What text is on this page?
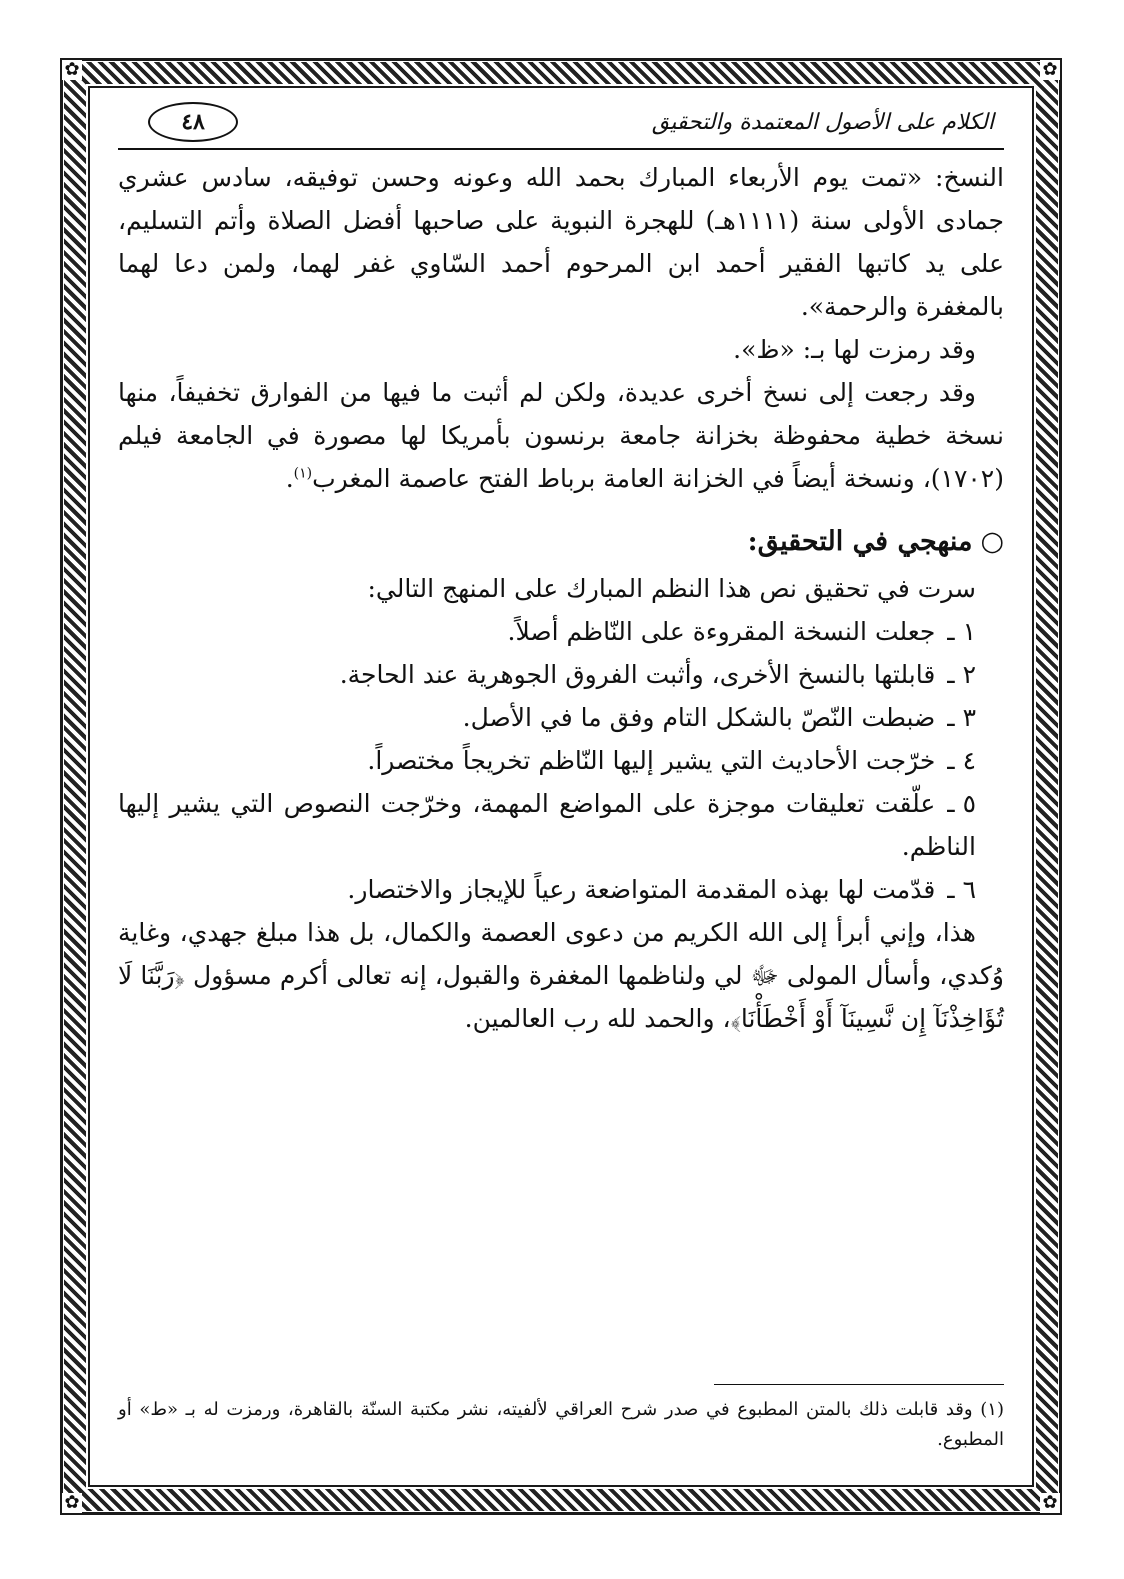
✿	✿
✿	✿
الكلام على الأصول المعتمدة والتحقيق
٤٨

النسخ: «تمت يوم الأربعاء المبارك بحمد الله وعونه وحسن توفيقه، سادس عشري جمادى الأولى سنة (١١١١هـ) للهجرة النبوية على صاحبها أفضل الصلاة وأتم التسليم، على يد كاتبها الفقير أحمد ابن المرحوم أحمد السّاوي غفر لهما، ولمن دعا لهما بالمغفرة والرحمة».

وقد رمزت لها بـ: «ظ».

وقد رجعت إلى نسخ أخرى عديدة، ولكن لم أثبت ما فيها من الفوارق تخفيفاً، منها نسخة خطية محفوظة بخزانة جامعة برنسون بأمريكا لها مصورة في الجامعة فيلم (١٧٠٢)، ونسخة أيضاً في الخزانة العامة برباط الفتح عاصمة المغرب$^{(١)}$.

○منهجي في التحقيق:

سرت في تحقيق نص هذا النظم المبارك على المنهج التالي:

١ ـجعلت النسخة المقروءة على النّاظم أصلاً.
٢ ـقابلتها بالنسخ الأخرى، وأثبت الفروق الجوهرية عند الحاجة.
٣ ـضبطت النّصّ بالشكل التام وفق ما في الأصل.
٤ ـخرّجت الأحاديث التي يشير إليها النّاظم تخريجاً مختصراً.
٥ ـعلّقت تعليقات موجزة على المواضع المهمة، وخرّجت النصوص التي يشير إليها الناظم.
٦ ـقدّمت لها بهذه المقدمة المتواضعة رعياً للإيجاز والاختصار.

هذا، وإني أبرأ إلى الله الكريم من دعوى العصمة والكمال، بل هذا مبلغ جهدي، وغاية وُكدي، وأسأل المولى ﷻ لي ولناظمها المغفرة والقبول، إنه تعالى أكرم مسؤول ﴿رَبَّنَا لَا تُؤَاخِذْنَآ إِن نَّسِينَآ أَوْ أَخْطَأْنَا﴾، والحمد لله رب العالمين.

(١) وقد قابلت ذلك بالمتن المطبوع في صدر شرح العراقي لألفيته، نشر مكتبة السنّة بالقاهرة، ورمزت له بـ «ط» أو المطبوع.
